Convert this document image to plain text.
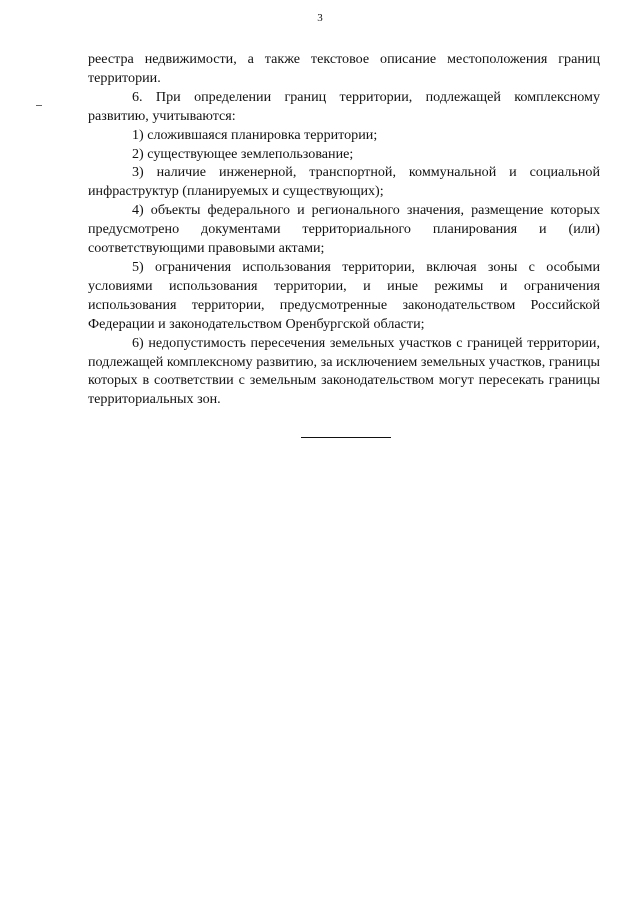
3

реестра недвижимости, а также текстовое описание местоположения границ территории.

6. При определении границ территории, подлежащей комплексному развитию, учитываются:

1) сложившаяся планировка территории;

2) существующее землепользование;

3) наличие инженерной, транспортной, коммунальной и социальной инфраструктур (планируемых и существующих);

4) объекты федерального и регионального значения, размещение которых предусмотрено документами территориального планирования и (или) соответствующими правовыми актами;

5) ограничения использования территории, включая зоны с особыми условиями использования территории, и иные режимы и ограничения использования территории, предусмотренные законодательством Российской Федерации и законодательством Оренбургской области;

6) недопустимость пересечения земельных участков с границей территории, подлежащей комплексному развитию, за исключением земельных участков, границы которых в соответствии с земельным законодательством могут пересекать границы территориальных зон.
